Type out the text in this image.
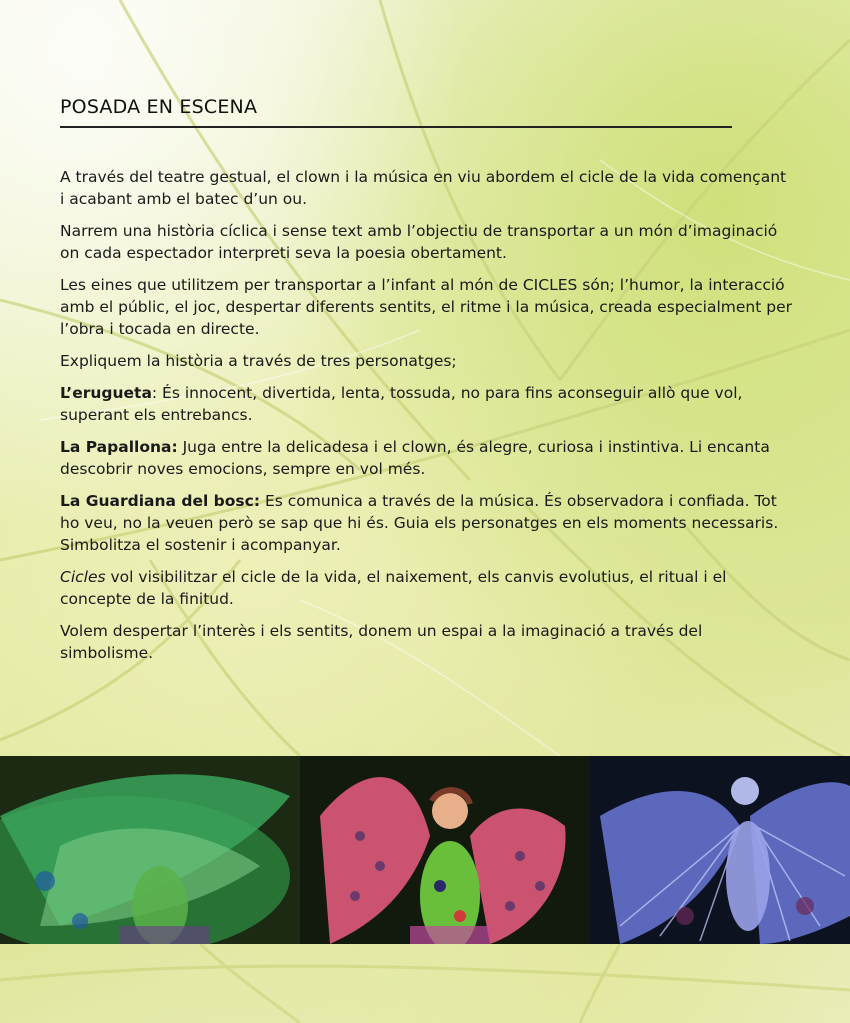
POSADA EN ESCENA

A través del teatre gestual, el clown i la música en viu abordem el cicle de la vida començant i acabant amb el batec d’un ou.

Narrem una història cíclica i sense text amb l’objectiu de transportar a un món d’imaginació on cada espectador interpreti seva la poesia obertament.

Les eines que utilitzem per transportar a l’infant al món de CICLES són; l’humor, la interacció amb el públic, el joc, despertar diferents sentits, el ritme i la música, creada especialment per l’obra i tocada en directe.

Expliquem la història a través de tres personatges;

L’erugueta: És innocent, divertida, lenta, tossuda, no para fins aconseguir allò que vol, superant els entrebancs.

La Papallona: Juga entre la delicadesa i el clown, és alegre, curiosa i instintiva. Li encanta descobrir noves emocions, sempre en vol més.

La Guardiana del bosc: Es comunica a través de la música. És observadora i confiada. Tot ho veu, no la veuen però se sap que hi és. Guia els personatges en els moments necessaris. Simbolitza el sostenir i acompanyar.

Cicles vol visibilitzar el cicle de la vida, el naixement, els canvis evolutius, el ritual i el concepte de la finitud.

Volem despertar l’interès i els sentits, donem un espai a la imaginació a través del simbolisme.
